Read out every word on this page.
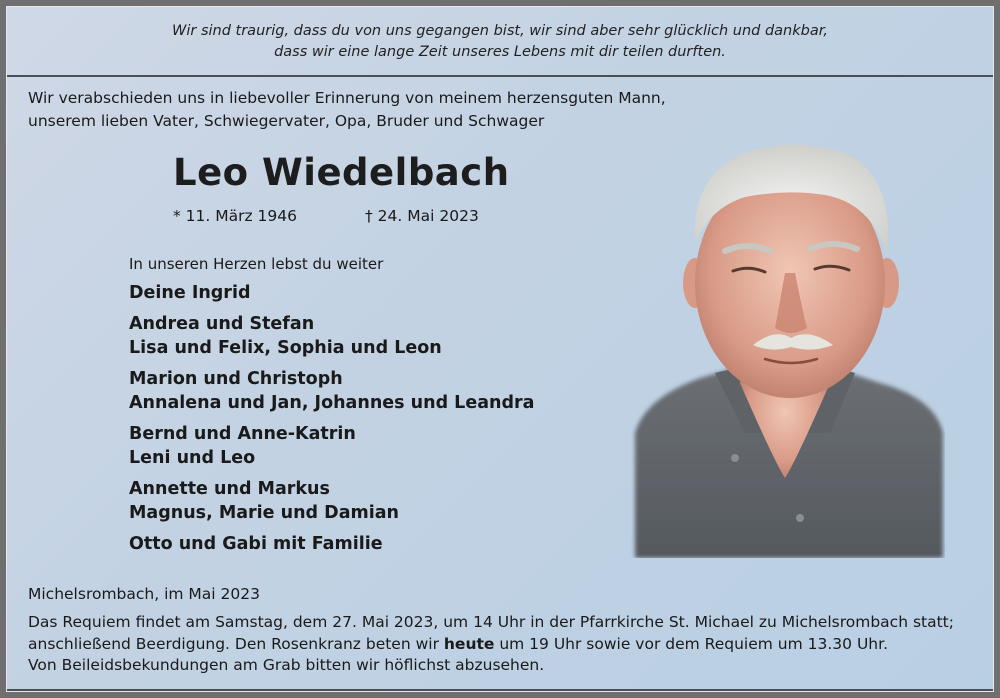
Wir sind traurig, dass du von uns gegangen bist, wir sind aber sehr glücklich und dankbar,
dass wir eine lange Zeit unseres Lebens mit dir teilen durften.
Wir verabschieden uns in liebevoller Erinnerung von meinem herzensguten Mann,
unserem lieben Vater, Schwiegervater, Opa, Bruder und Schwager
Leo Wiedelbach
* 11. März 1946	† 24. Mai 2023
In unseren Herzen lebst du weiter
Deine Ingrid
Andrea und Stefan
Lisa und Felix, Sophia und Leon
Marion und Christoph
Annalena und Jan, Johannes und Leandra
Bernd und Anne-Katrin
Leni und Leo
Annette und Markus
Magnus, Marie und Damian
Otto und Gabi mit Familie
Michelsrombach, im Mai 2023
Das Requiem findet am Samstag, dem 27. Mai 2023, um 14 Uhr in der Pfarrkirche St. Michael zu Michelsrombach statt;
anschließend Beerdigung. Den Rosenkranz beten wir heute um 19 Uhr sowie vor dem Requiem um 13.30 Uhr.
Von Beileidsbekundungen am Grab bitten wir höflichst abzusehen.
